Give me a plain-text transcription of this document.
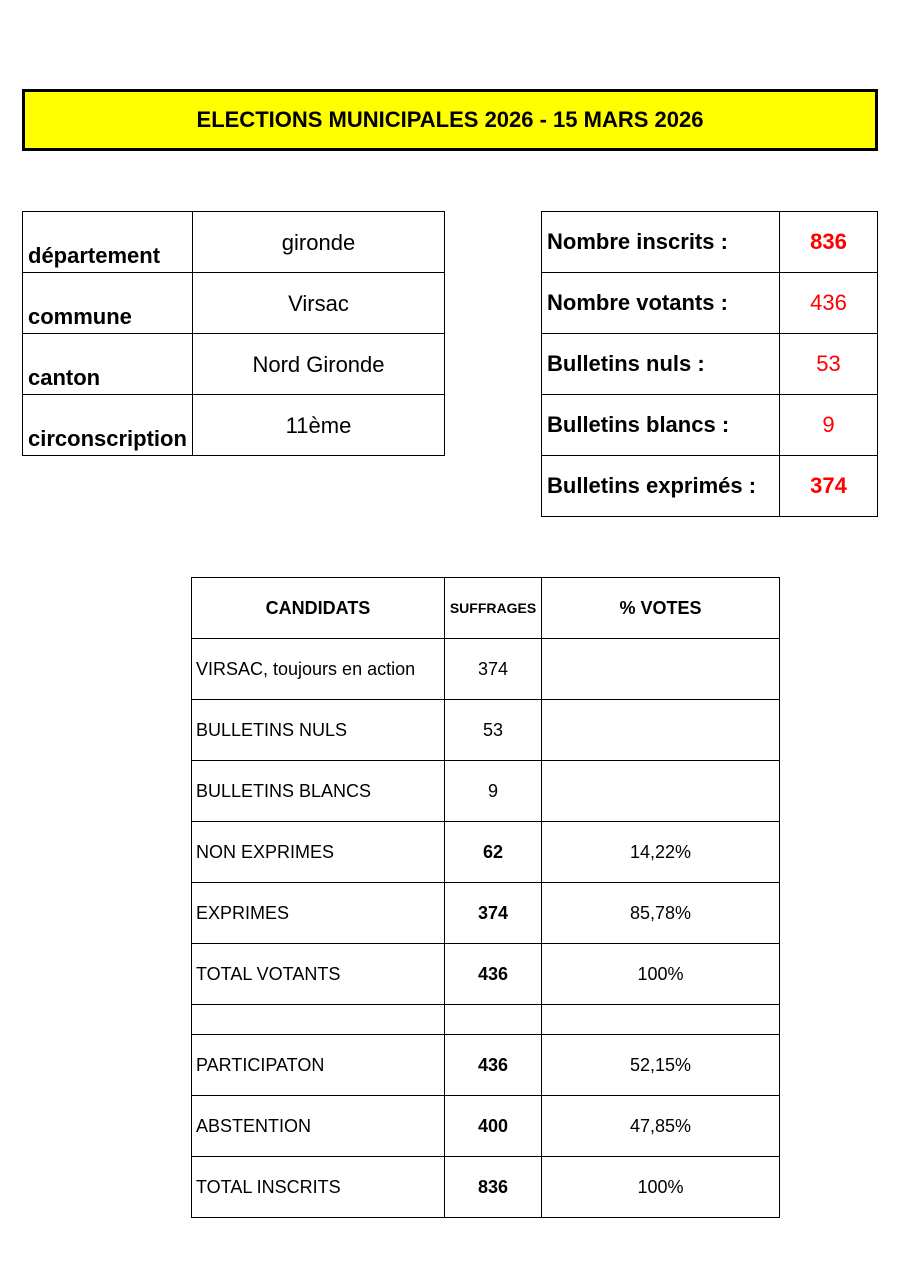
ELECTIONS MUNICIPALES 2026 - 15 MARS 2026
département	gironde
commune	Virsac
canton	Nord Gironde
circonscription	11ème
Nombre inscrits :	836
Nombre votants :	436
Bulletins nuls :	53
Bulletins blancs :	9
Bulletins exprimés :	374
CANDIDATS	SUFFRAGES	% VOTES
VIRSAC, toujours en action	374	
BULLETINS NULS	53	
BULLETINS BLANCS	9	
NON EXPRIMES	62	14,22%
EXPRIMES	374	85,78%
TOTAL VOTANTS	436	100%

PARTICIPATON	436	52,15%
ABSTENTION	400	47,85%
TOTAL INSCRITS	836	100%
